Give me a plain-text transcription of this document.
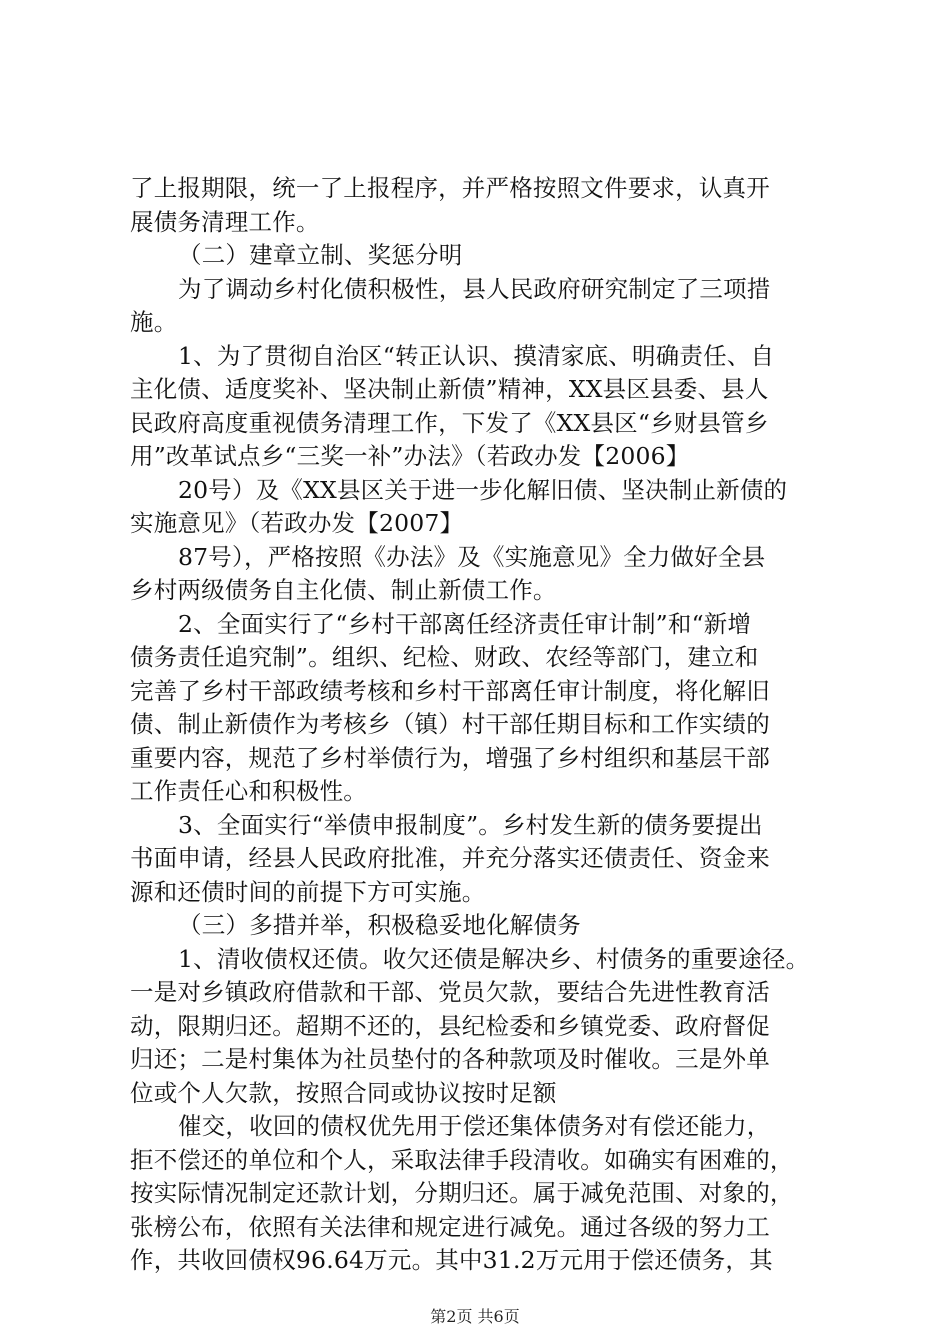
了上报期限，统一了上报程序，并严格按照文件要求，认真开
展债务清理工作。
（二）建章立制、奖惩分明
为了调动乡村化债积极性，县人民政府研究制定了三项措
施。
1、为了贯彻自治区“转正认识、摸清家底、明确责任、自
主化债、适度奖补、坚决制止新债”精神，XX县区县委、县人
民政府高度重视债务清理工作，下发了《XX县区“乡财县管乡
用”改革试点乡“三奖一补”办法》（若政办发【2006】
20号）及《XX县区关于进一步化解旧债、坚决制止新债的
实施意见》（若政办发【2007】
87号），严格按照《办法》及《实施意见》全力做好全县
乡村两级债务自主化债、制止新债工作。
2、全面实行了“乡村干部离任经济责任审计制”和“新增
债务责任追究制”。组织、纪检、财政、农经等部门，建立和
完善了乡村干部政绩考核和乡村干部离任审计制度，将化解旧
债、制止新债作为考核乡（镇）村干部任期目标和工作实绩的
重要内容，规范了乡村举债行为，增强了乡村组织和基层干部
工作责任心和积极性。
3、全面实行“举债申报制度”。乡村发生新的债务要提出
书面申请，经县人民政府批准，并充分落实还债责任、资金来
源和还债时间的前提下方可实施。
（三）多措并举，积极稳妥地化解债务
1、清收债权还债。收欠还债是解决乡、村债务的重要途径。
一是对乡镇政府借款和干部、党员欠款，要结合先进性教育活
动，限期归还。超期不还的，县纪检委和乡镇党委、政府督促
归还；二是村集体为社员垫付的各种款项及时催收。三是外单
位或个人欠款，按照合同或协议按时足额
催交，收回的债权优先用于偿还集体债务对有偿还能力，
拒不偿还的单位和个人，采取法律手段清收。如确实有困难的，
按实际情况制定还款计划，分期归还。属于减免范围、对象的，
张榜公布，依照有关法律和规定进行减免。通过各级的努力工
作，共收回债权96.64万元。其中31.2万元用于偿还债务，其
第2页 共6页
